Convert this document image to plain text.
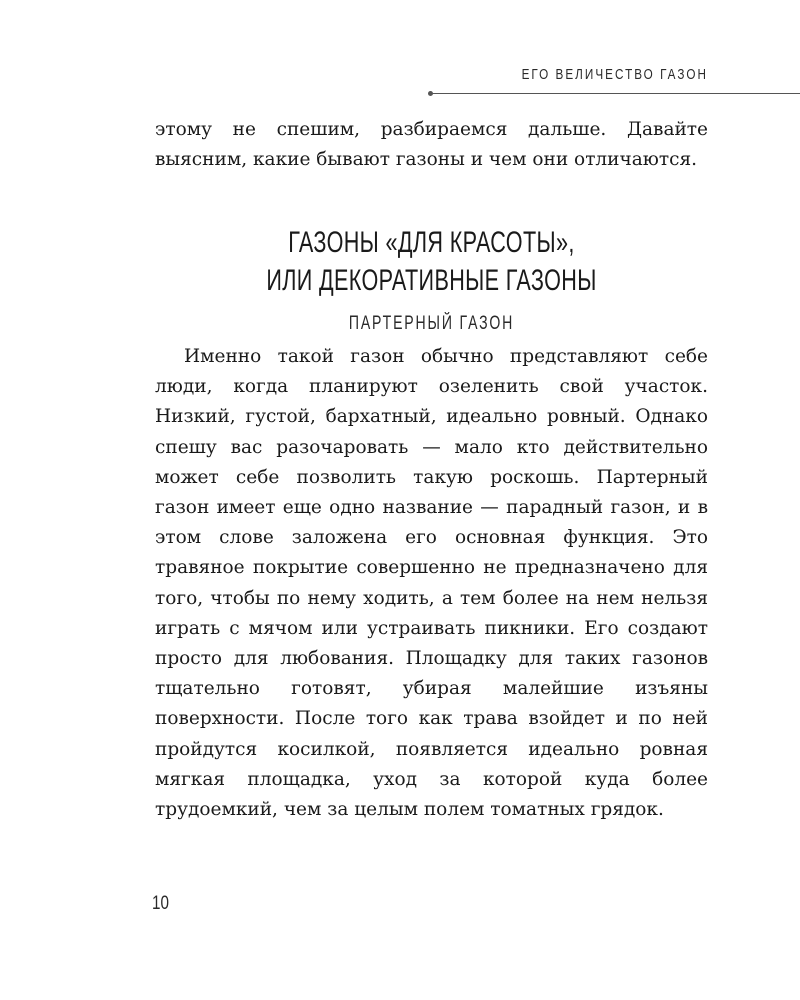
ЕГО ВЕЛИЧЕСТВО ГАЗОН

этому не спешим, разбираемся дальше. Давайте выясним, какие бывают газоны и чем они отличаются.

ГАЗОНЫ «ДЛЯ КРАСОТЫ»,
ИЛИ ДЕКОРАТИВНЫЕ ГАЗОНЫ
ПАРТЕРНЫЙ ГАЗОН

Именно такой газон обычно представляют себе люди, когда планируют озеленить свой участок. Низкий, густой, бархатный, идеально ровный. Однако спешу вас разочаровать — мало кто действительно может себе позволить такую роскошь. Партерный газон имеет еще одно название — парадный газон, и в этом слове заложена его основная функция. Это травяное покрытие совершенно не предназначено для того, чтобы по нему ходить, а тем более на нем нельзя играть с мячом или устраивать пикники. Его создают просто для любования. Площадку для таких газонов тщательно готовят, убирая малейшие изъяны поверхности. После того как трава взойдет и по ней пройдутся косилкой, появляется идеально ровная мягкая площадка, уход за которой куда более трудоемкий, чем за целым полем томатных грядок.

10
